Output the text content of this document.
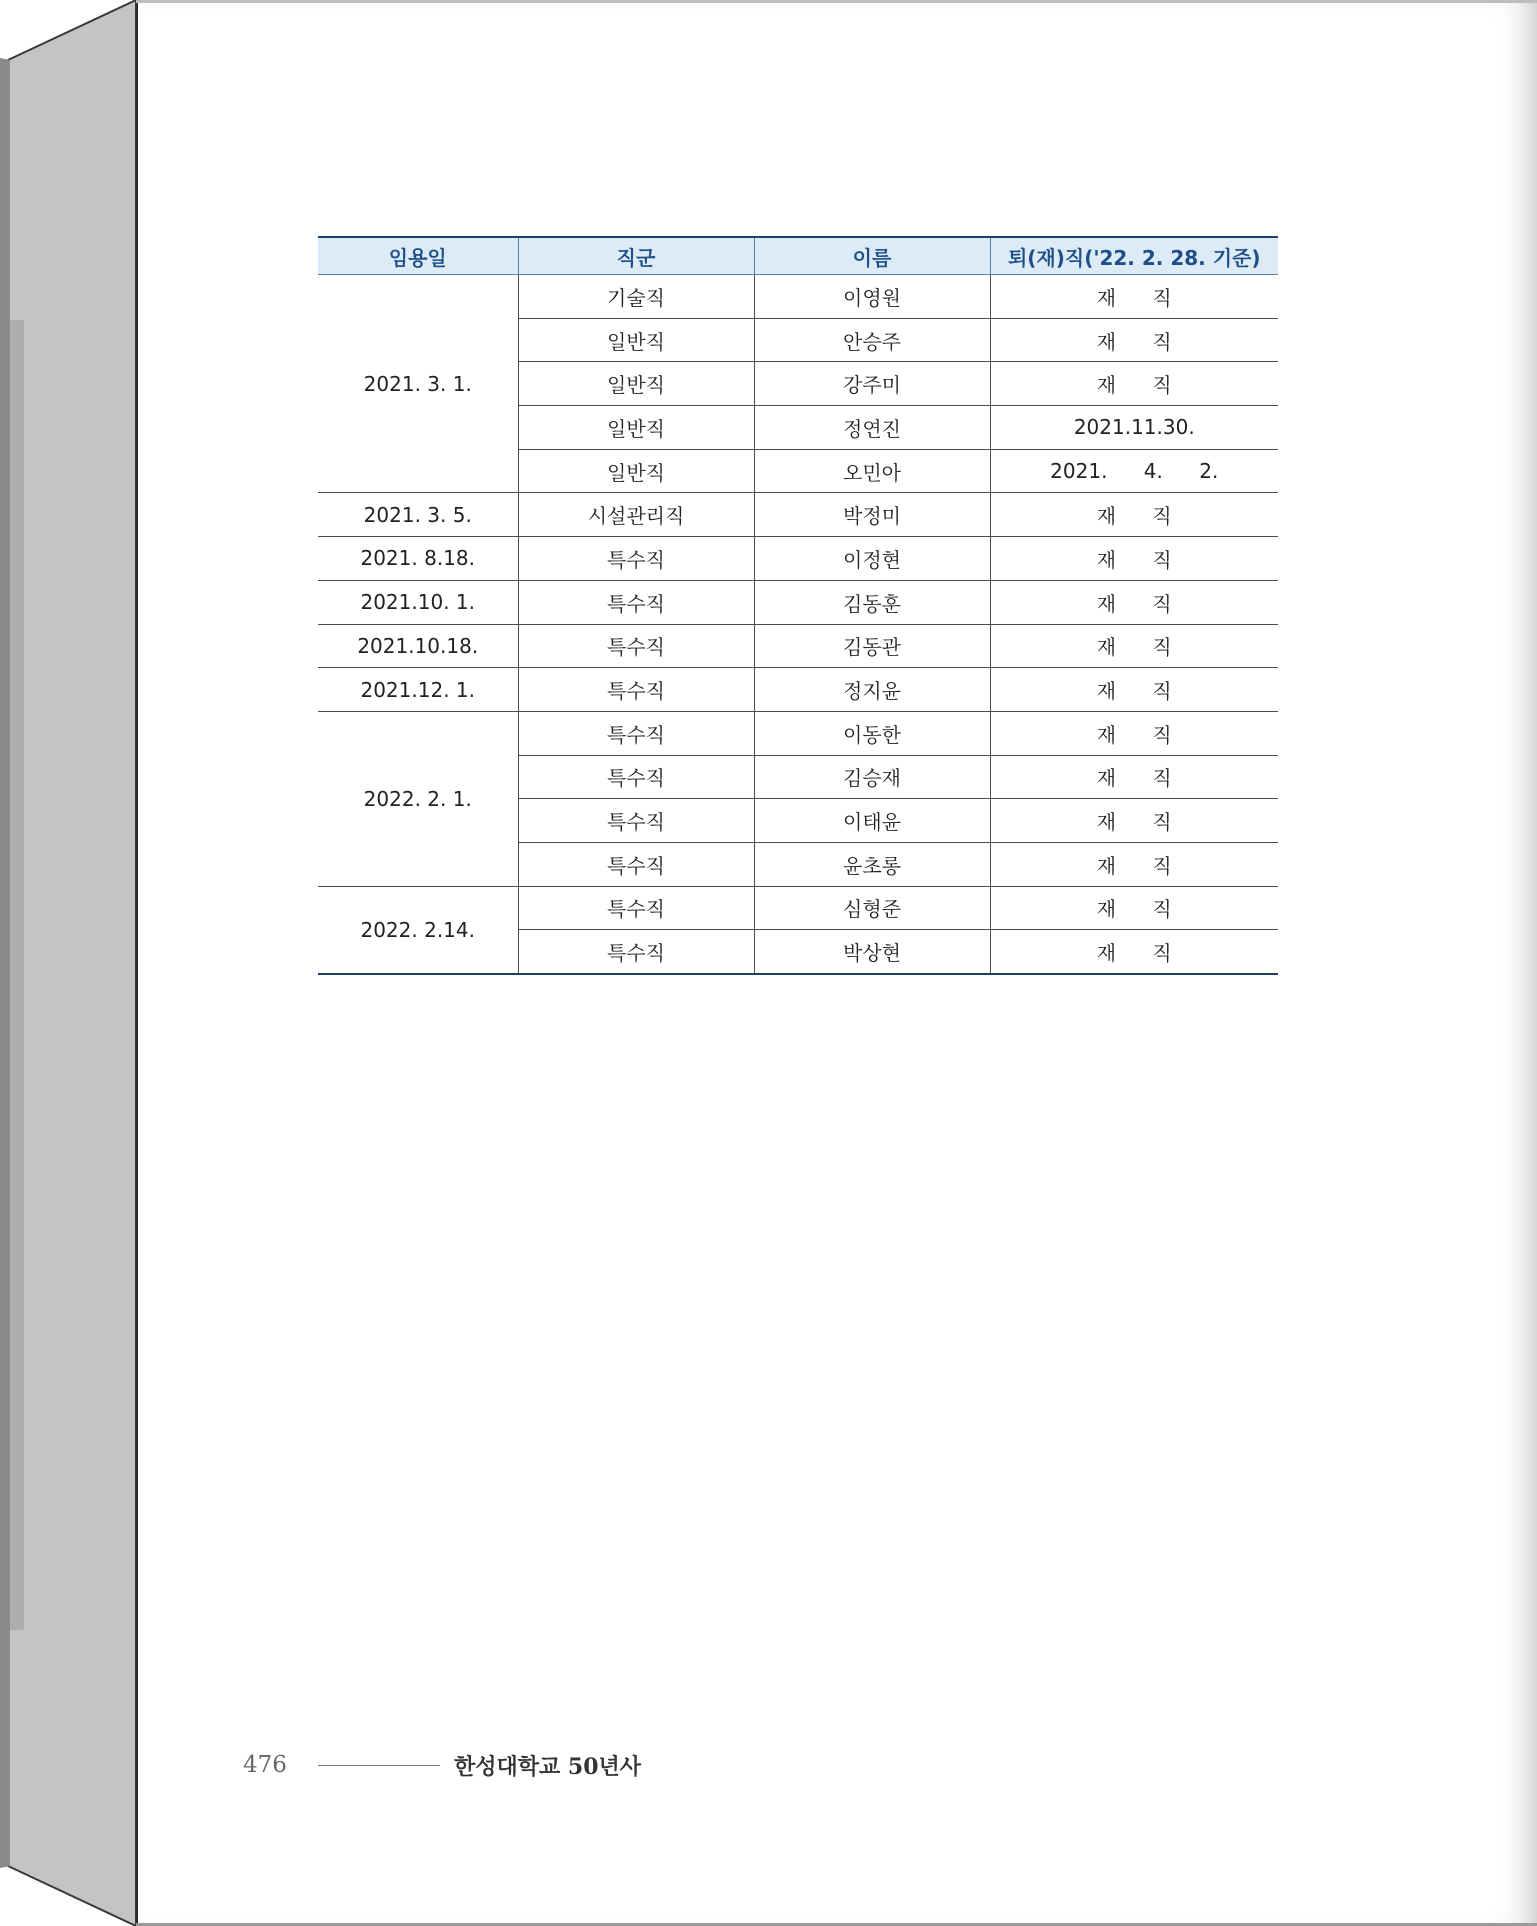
임용일	직군	이름	퇴(재)직('22. 2. 28. 기준)
2021. 3. 1.	기술직	이영원	재 직
	일반직	안승주	재 직
	일반직	강주미	재 직
	일반직	정연진	2021.11.30.
	일반직	오민아	2021. 4. 2.
2021. 3. 5.	시설관리직	박정미	재 직
2021. 8.18.	특수직	이정현	재 직
2021.10. 1.	특수직	김동훈	재 직
2021.10.18.	특수직	김동관	재 직
2021.12. 1.	특수직	정지윤	재 직
2022. 2. 1.	특수직	이동한	재 직
	특수직	김승재	재 직
	특수직	이태윤	재 직
	특수직	윤초롱	재 직
2022. 2.14.	특수직	심형준	재 직
	특수직	박상현	재 직
476	한성대학교 50년사
